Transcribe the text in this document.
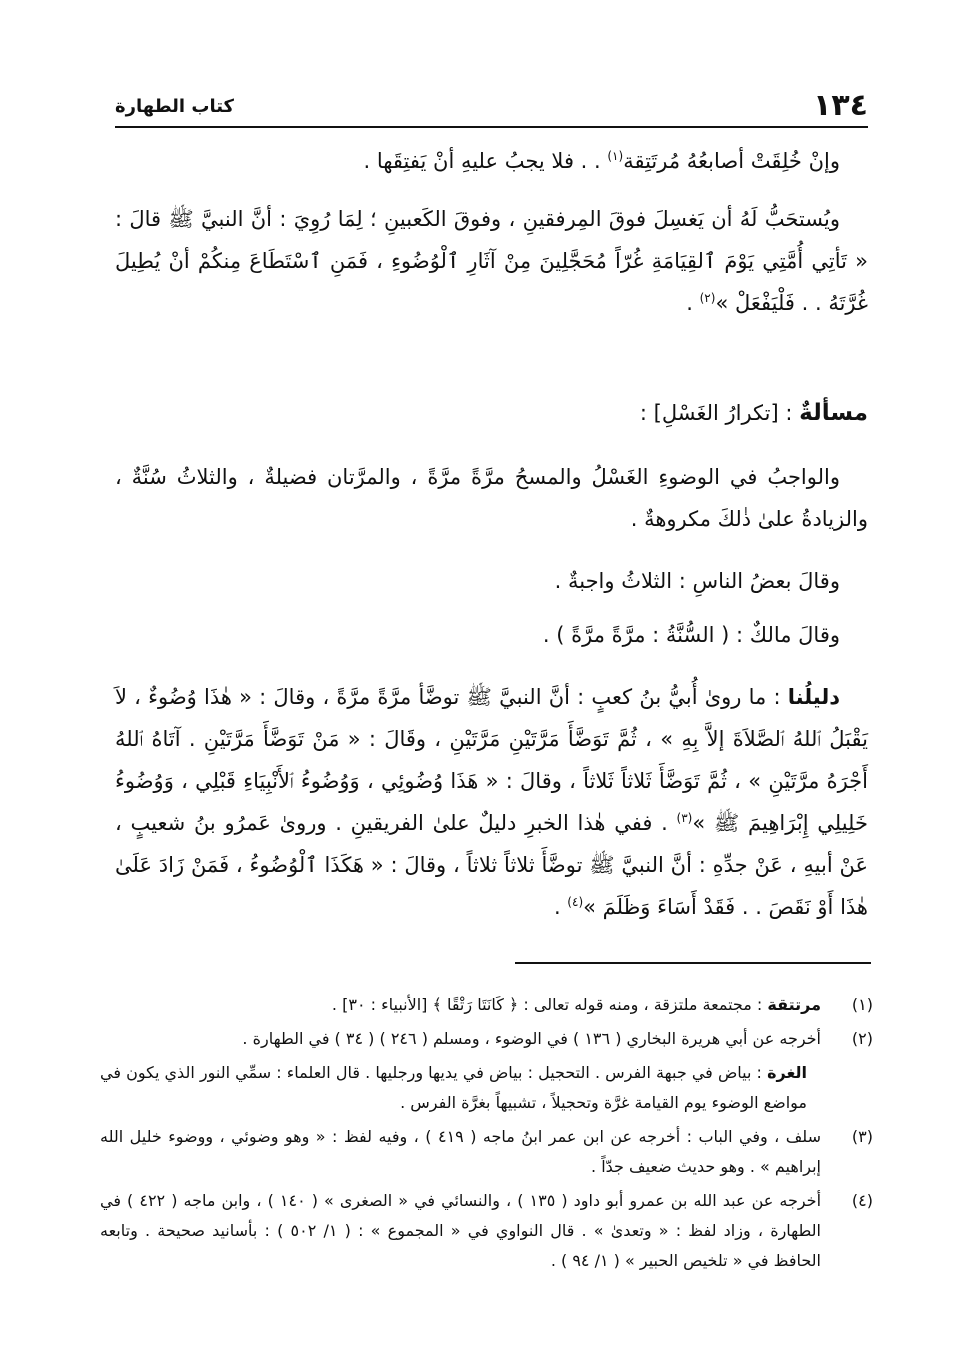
١٣٤
كتاب الطهارة

وإنْ خُلِقَتْ أصابعُهُ مُرتَتِقة$^{(١)}$ . . فلا يجبُ عليهِ أنْ يَفتِقَها .

ويُستحَبُّ لَهُ أن يَغسِلَ فوقَ المِرفقينِ ، وفوقَ الكَعبينِ ؛ لِمَا رُوِيَ : أنَّ النبيَّ ﷺ قالَ : « تَأتِي أُمَّتِي يَوْمَ ٱلقِيَامَةِ غُرّاً مُحَجَّلِينَ مِنْ آثَارِ ٱلْوُضُوءِ ، فَمَنِ ٱسْتَطَاعَ مِنكُمْ أنْ يُطِيلَ غُرَّتَهُ . . فَلْيَفْعَلْ »$^{(٢)}$ .

مسألةٌ : [تكرارُ الغَسْلِ] :

والواجبُ في الوضوءِ الغَسْلُ والمسحُ مرَّةً مرَّةً ، والمرَّتان فضيلةٌ ، والثلاثُ سُنَّةٌ ، والزيادةُ علىٰ ذٰلكَ مكروهةٌ .

وقالَ بعضُ الناسِ : الثلاثُ واجبةٌ .

وقالَ مالكٌ : ( السُّنَّةُ : مرَّةً مرَّةً ) .

دليلُنا : ما رویٰ أُبيُّ بنُ كعبٍ : أنَّ النبيَّ ﷺ توضَّأ مرَّةً مرَّةً ، وقالَ : « هٰذَا وُضُوءٌ ، لاَ يَقْبَلُ ٱللهُ ٱلصَّلاَةَ إلاَّ بِهِ » ، ثُمَّ تَوَضَّأَ مَرَّتَيْنِ مَرَّتَيْنِ ، وقَالَ : « مَنْ تَوَضَّأَ مَرَّتَيْنِ . آتَاهُ ٱللهُ أَجْرَهُ مرَّتَيْنِ » ، ثُمَّ تَوَضَّأَ ثَلاثاً ثَلاثاً ، وقالَ : « هَذَا وُضُوئِي ، وَوُضُوءُ ٱلأَنْبِيَاءِ قَبْلِي ، وَوُضُوءُ خَلِيلِي إِبْرَاهِيمَ ﷺ »$^{(٣)}$ . ففي هٰذا الخبرِ دليلٌ علىٰ الفريقينِ . ورویٰ عَمرُو بنُ شعيبٍ ، عَنْ أبيهِ ، عَنْ جدِّهِ : أنَّ النبيَّ ﷺ توضَّأَ ثلاثاً ثلاثاً ، وقالَ : « هَكَذَا ٱلْوُضُوءُ ، فَمَنْ زَادَ عَلَىٰ هٰذَا أَوْ نَقَصَ . . فَقَدْ أَسَاءَ وَظَلَمَ »$^{(٤)}$ .

(١)
مرتتقة : مجتمعة ملتزقة ، ومنه قوله تعالى : ﴿ كَانَتَا رَتْقًا ﴾ [الأنبياء : ٣٠] .
(٢)
أخرجه عن أبي هريرة البخاري ( ١٣٦ ) في الوضوء ، ومسلم ( ٢٤٦ ) ( ٣٤ ) في الطهارة .
الغرة : بياض في جبهة الفرس . التحجيل : بياض في يديها ورجليها . قال العلماء : سمِّي النور الذي يكون في مواضع الوضوء يوم القيامة غرَّة وتحجيلاً ، تشبيهاً بغرَّة الفرس .
(٣)
سلف ، وفي الباب : أخرجه عن ابن عمر ابنُ ماجه ( ٤١٩ ) ، وفيه لفظ : « وهو وضوئي ، ووضوء خليل الله إبراهيم » . وهو حديث ضعيف جدّاً .
(٤)
أخرجه عن عبد الله بن عمرو أبو داود ( ١٣٥ ) ، والنسائي في « الصغرى » ( ١٤٠ ) ، وابن ماجه ( ٤٢٢ ) في الطهارة ، وزاد لفظ : « وتعدىٰ » . قال النواوي في « المجموع » : ( ١/ ٥٠٢ ) : بأسانيد صحيحة . وتابعه الحافظ في « تلخيص الحبير » ( ١/ ٩٤ ) .
